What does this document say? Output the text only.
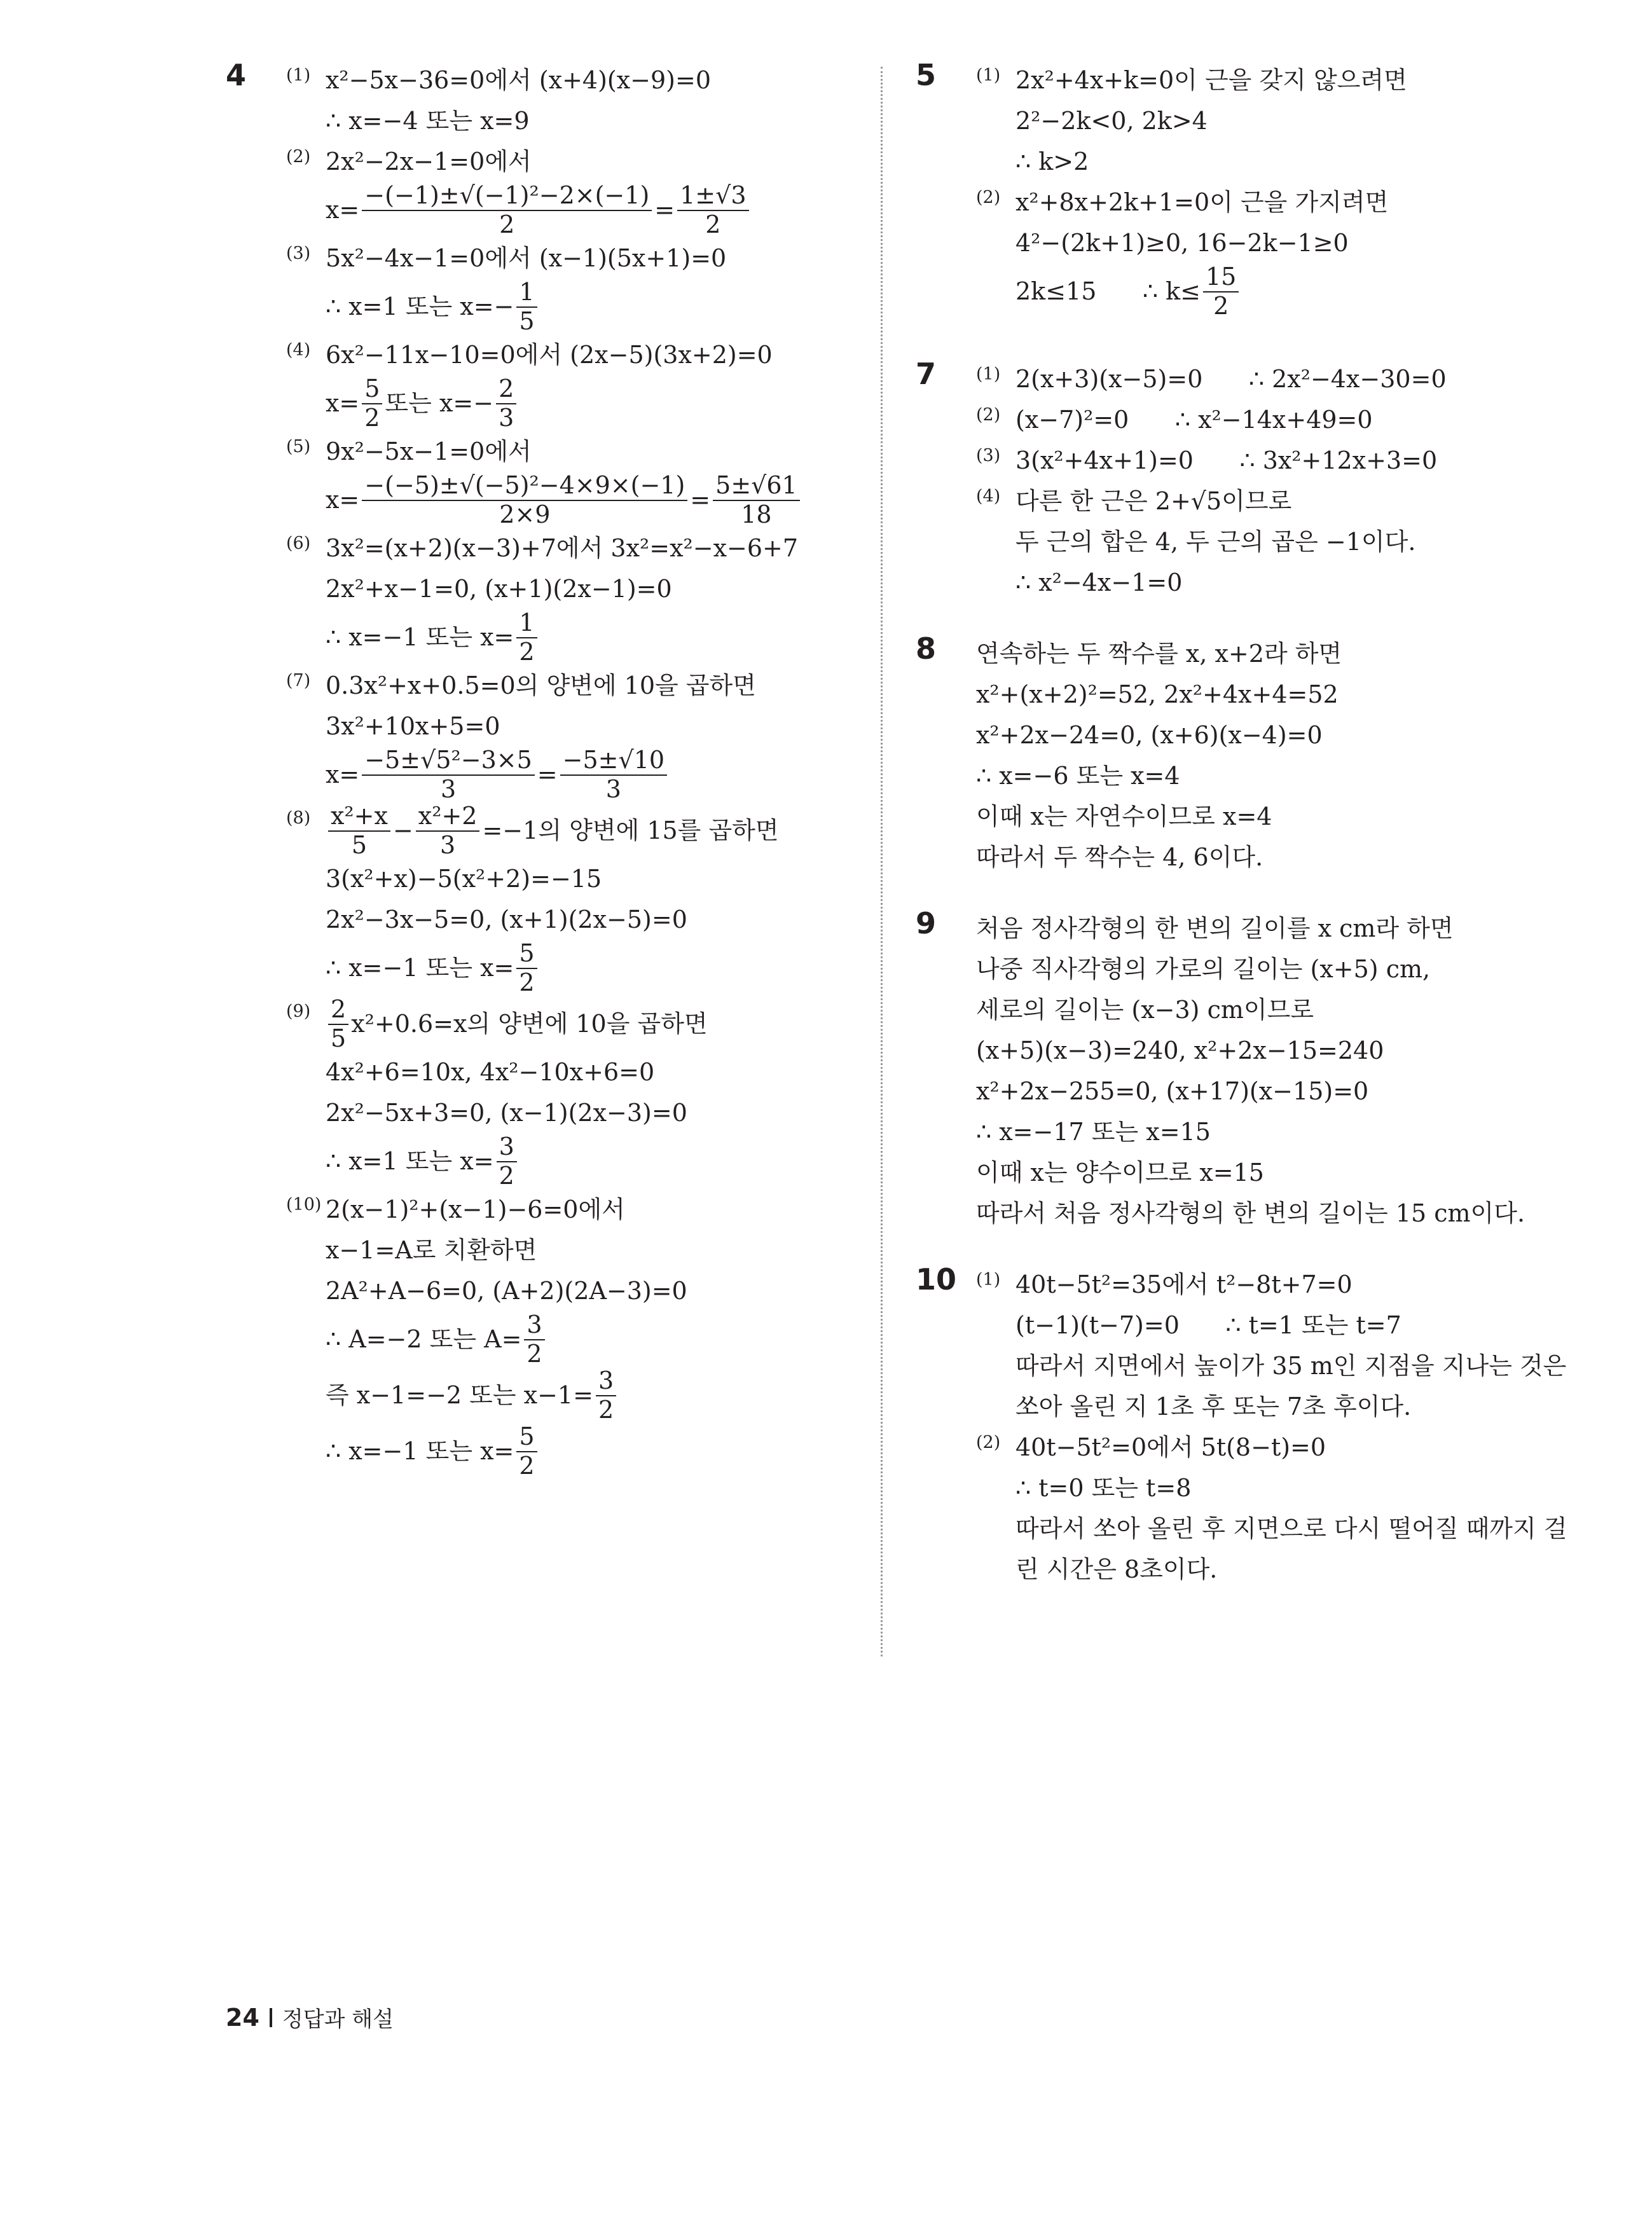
4 (1) x²−5x−36=0에서 (x+4)(x−9)=0
∴ x=−4 또는 x=9
(2) 2x²−2x−1=0에서
$x= \frac{\text{−(−1)±√(−1)²−2×(−1)}}{2} = \frac{1\pm√3}{2}$
(3) 5x²−4x−1=0에서 (x−1)(5x+1)=0
∴ x=1 또는 $x=- \frac{1}{5}$
(4) 6x²−11x−10=0에서 (2x−5)(3x+2)=0
$x= \frac{5}{2}$ 또는 $x=- \frac{2}{3}$
(5) 9x²−5x−1=0에서
$x= \frac{\text{−(−5)±√(−5)²−4×9×(−1)}}{2\times 9} = \frac{5\pm√61}{18}$
(6) 3x²=(x+2)(x−3)+7에서 3x²=x²−x−6+7
2x²+x−1=0, (x+1)(2x−1)=0
∴ x=−1 또는 $x= \frac{1}{2}$
(7) 0.3x²+x+0.5=0의 양변에 10을 곱하면
3x²+10x+5=0
$x= \frac{\text{−5±√5²−3×5}}{3} = \frac{-5\pm√10}{3}$
$(8) \frac{\text{x²+x}}{5} - \frac{\text{x²+2}}{3} =-1$의 양변에 15를 곱하면
3(x²+x)−5(x²+2)=−15
2x²−3x−5=0, (x+1)(2x−5)=0
∴ x=−1 또는 $x= \frac{5}{2}$
$(9) \frac{2}{5} x^2+0.6=x$의 양변에 10을 곱하면
4x²+6=10x, 4x²−10x+6=0
2x²−5x+3=0, (x−1)(2x−3)=0
∴ x=1 또는 $x= \frac{3}{2}$
(10) 2(x−1)²+(x−1)−6=0에서
x−1=A로 치환하면
2A²+A−6=0, (A+2)(2A−3)=0
∴ A=−2 또는 $A= \frac{3}{2}$
즉 x−1=−2 또는 $x-1= \frac{3}{2}$
∴ x=−1 또는 $x= \frac{5}{2}$
5 (1) 2x²+4x+k=0이 근을 갖지 않으려면
2²−2k<0, 2k>4
∴ k>2
(2) x²+8x+2k+1=0이 근을 가지려면
4²−(2k+1)≥0, 16−2k−1≥0
2k≤15      ∴ $k\le \frac{15}{2}$
7 (1) 2(x+3)(x−5)=0      ∴ 2x²−4x−30=0
(2) (x−7)²=0      ∴ x²−14x+49=0
(3) 3(x²+4x+1)=0      ∴ 3x²+12x+3=0
(4) 다른 한 근은 2+√5이므로
두 근의 합은 4, 두 근의 곱은 −1이다.
∴ x²−4x−1=0
8 연속하는 두 짝수를 x, x+2라 하면
x²+(x+2)²=52, 2x²+4x+4=52
x²+2x−24=0, (x+6)(x−4)=0
∴ x=−6 또는 x=4
이때 x는 자연수이므로 x=4
따라서 두 짝수는 4, 6이다.
9 처음 정사각형의 한 변의 길이를 x cm라 하면
나중 직사각형의 가로의 길이는 (x+5) cm,
세로의 길이는 (x−3) cm이므로
(x+5)(x−3)=240, x²+2x−15=240
x²+2x−255=0, (x+17)(x−15)=0
∴ x=−17 또는 x=15
이때 x는 양수이므로 x=15
따라서 처음 정사각형의 한 변의 길이는 15 cm이다.
10 (1) 40t−5t²=35에서 t²−8t+7=0
(t−1)(t−7)=0      ∴ t=1 또는 t=7
따라서 지면에서 높이가 35 m인 지점을 지나는 것은
쏘아 올린 지 1초 후 또는 7초 후이다.
(2) 40t−5t²=0에서 5t(8−t)=0
∴ t=0 또는 t=8
따라서 쏘아 올린 후 지면으로 다시 떨어질 때까지 걸
린 시간은 8초이다.
24 정답과 해설
